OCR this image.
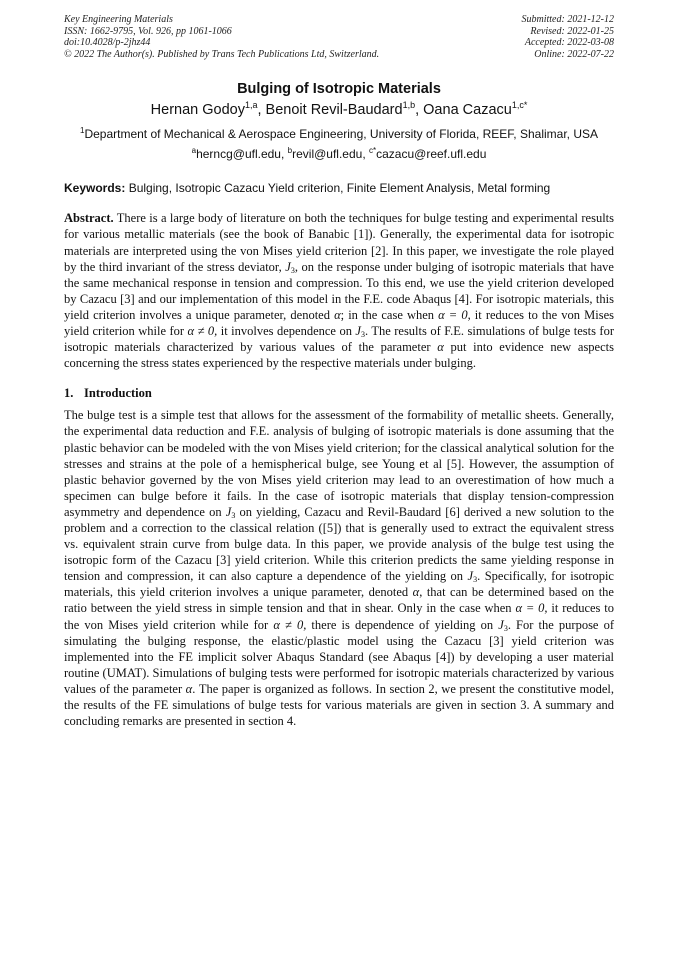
Key Engineering Materials
ISSN: 1662-9795, Vol. 926, pp 1061-1066
doi:10.4028/p-2jhz44
© 2022 The Author(s). Published by Trans Tech Publications Ltd, Switzerland.
Submitted: 2021-12-12
Revised: 2022-01-25
Accepted: 2022-03-08
Online: 2022-07-22
Bulging of Isotropic Materials
Hernan Godoy$^{1,a}$, Benoit Revil-Baudard$^{1,b}$, Oana Cazacu$^{1,c*}$
$^1$Department of Mechanical & Aerospace Engineering, University of Florida, REEF, Shalimar, USA
$^a$herncg@ufl.edu, $^b$revil@ufl.edu, $^{c*}$cazacu@reef.ufl.edu
Keywords: Bulging, Isotropic Cazacu Yield criterion, Finite Element Analysis, Metal forming

Abstract. There is a large body of literature on both the techniques for bulge testing and experimental results for various metallic materials (see the book of Banabic [1]). Generally, the experimental data for isotropic materials are interpreted using the von Mises yield criterion [2]. In this paper, we investigate the role played by the third invariant of the stress deviator, J3, on the response under bulging of isotropic materials that have the same mechanical response in tension and compression. To this end, we use the yield criterion developed by Cazacu [3] and our implementation of this model in the F.E. code Abaqus [4]. For isotropic materials, this yield criterion involves a unique parameter, denoted α; in the case when α = 0, it reduces to the von Mises yield criterion while for α ≠ 0, it involves dependence on J3. The results of F.E. simulations of bulge tests for isotropic materials characterized by various values of the parameter α put into evidence new aspects concerning the stress states experienced by the respective materials under bulging.

1. Introduction

The bulge test is a simple test that allows for the assessment of the formability of metallic sheets. Generally, the experimental data reduction and F.E. analysis of bulging of isotropic materials is done assuming that the plastic behavior can be modeled with the von Mises yield criterion; for the classical analytical solution for the stresses and strains at the pole of a hemispherical bulge, see Young et al [5]. However, the assumption of plastic behavior governed by the von Mises yield criterion may lead to an overestimation of how much a specimen can bulge before it fails. In the case of isotropic materials that display tension-compression asymmetry and dependence on J3 on yielding, Cazacu and Revil-Baudard [6] derived a new solution to the problem and a correction to the classical relation ([5]) that is generally used to extract the equivalent stress vs. equivalent strain curve from bulge data. In this paper, we provide analysis of the bulge test using the isotropic form of the Cazacu [3] yield criterion. While this criterion predicts the same yielding response in tension and compression, it can also capture a dependence of the yielding on J3. Specifically, for isotropic materials, this yield criterion involves a unique parameter, denoted α, that can be determined based on the ratio between the yield stress in simple tension and that in shear. Only in the case when α = 0, it reduces to the von Mises yield criterion while for α ≠ 0, there is dependence of yielding on J3. For the purpose of simulating the bulging response, the elastic/plastic model using the Cazacu [3] yield criterion was implemented into the FE implicit solver Abaqus Standard (see Abaqus [4]) by developing a user material routine (UMAT). Simulations of bulging tests were performed for isotropic materials characterized by various values of the parameter α. The paper is organized as follows. In section 2, we present the constitutive model, the results of the FE simulations of bulge tests for various materials are given in section 3. A summary and concluding remarks are presented in section 4.
